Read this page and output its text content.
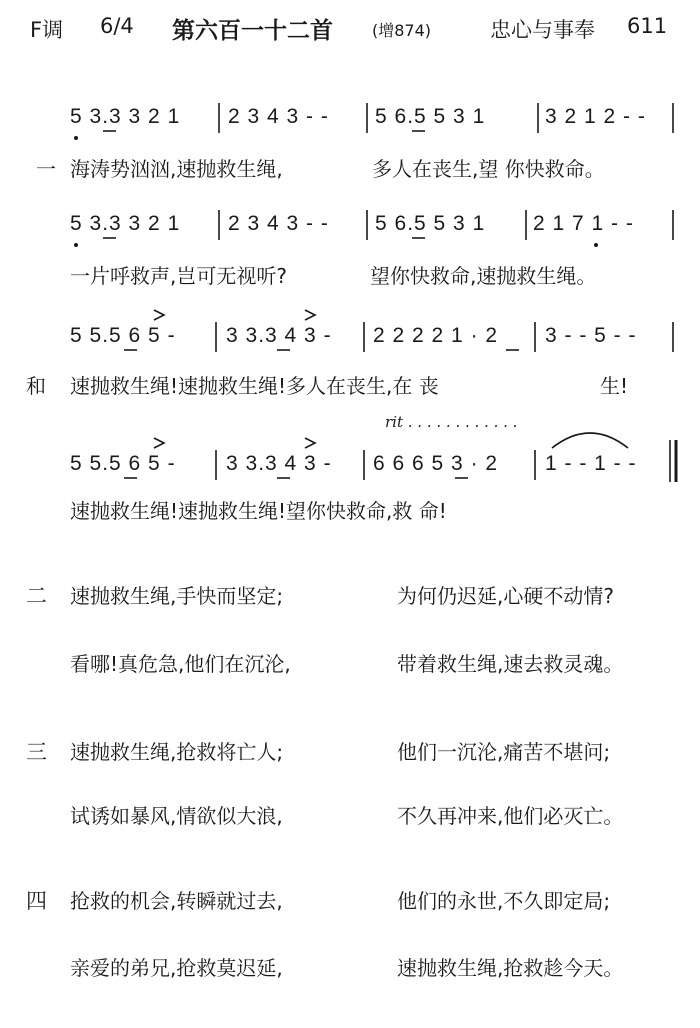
F调 6/4 第六百一十二首 (增874)	忠心与事奉 611
5 3.3 3 2 1 2 3 4 3 - - 5 6.5 5 3 1	3 2 1 2 - -
一 海涛势汹汹,速抛救生绳,	多人在丧生,望 你快救命。
5 3.3 3 2 1 2 3 4 3 - - 5 6.5 5 3 1 2 1 7 1 - -
一片呼救声,岂可无视听?	望你快救命,速抛救生绳。
5 5.5 6 5 - 3 3.3 4 3 - 2 2 2 2 1 · 2 3 - - 5 - -
和 速抛救生绳!速抛救生绳!多人在丧生,在 丧	生!
rit . . . . . . . . . . . .
5 5.5 6 5 - 3 3.3 4 3 - 6 6 6 5 3 · 2 1 - - 1 - -
速抛救生绳!速抛救生绳!望你快救命,救 命!
二 速抛救生绳,手快而坚定;	为何仍迟延,心硬不动情?
看哪!真危急,他们在沉沦,	带着救生绳,速去救灵魂。
三 速抛救生绳,抢救将亡人;	他们一沉沦,痛苦不堪问;
试诱如暴风,情欲似大浪,	不久再冲来,他们必灭亡。
四 抢救的机会,转瞬就过去,	他们的永世,不久即定局;
亲爱的弟兄,抢救莫迟延,	速抛救生绳,抢救趁今天。
